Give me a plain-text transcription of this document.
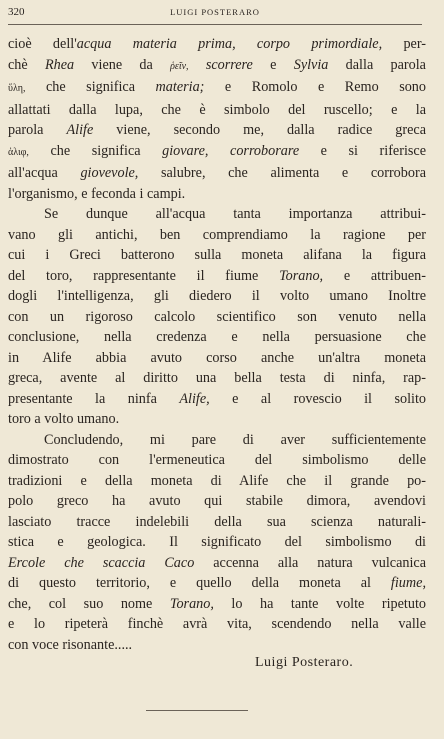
320	LUIGI POSTERARO

cioè dell'acqua materia prima, corpo primordiale, per-
chè Rhea viene da ῥεῖν, scorrere e Sylvia dalla parola
ὕλη, che significa materia; e Romolo e Remo sono
allattati dalla lupa, che è simbolo del ruscello; e la
parola Alife viene, secondo me, dalla radice greca
ἀλιφ, che significa giovare, corroborare e si riferisce
all'acqua giovevole, salubre, che alimenta e corrobora
l'organismo, e feconda i campi.

Se dunque all'acqua tanta importanza attribui-
vano gli antichi, ben comprendiamo la ragione per
cui i Greci batterono sulla moneta alifana la figura
del toro, rappresentante il fiume Torano, e attribuen-
dogli l'intelligenza, gli diedero il volto umano Inoltre
con un rigoroso calcolo scientifico son venuto nella
conclusione, nella credenza e nella persuasione che
in Alife abbia avuto corso anche un'altra moneta
greca, avente al diritto una bella testa di ninfa, rap-
presentante la ninfa Alife, e al rovescio il solito
toro a volto umano.

Concludendo, mi pare di aver sufficientemente
dimostrato con l'ermeneutica del simbolismo delle
tradizioni e della moneta di Alife che il grande po-
polo greco ha avuto qui stabile dimora, avendovi
lasciato tracce indelebili della sua scienza naturali-
stica e geologica. Il significato del simbolismo di
Ercole che scaccia Caco accenna alla natura vulcanica
di questo territorio, e quello della moneta al fiume,
che, col suo nome Torano, lo ha tante volte ripetuto
e lo ripeterà finchè avrà vita, scendendo nella valle
con voce risonante.....

Luigi Posteraro.
